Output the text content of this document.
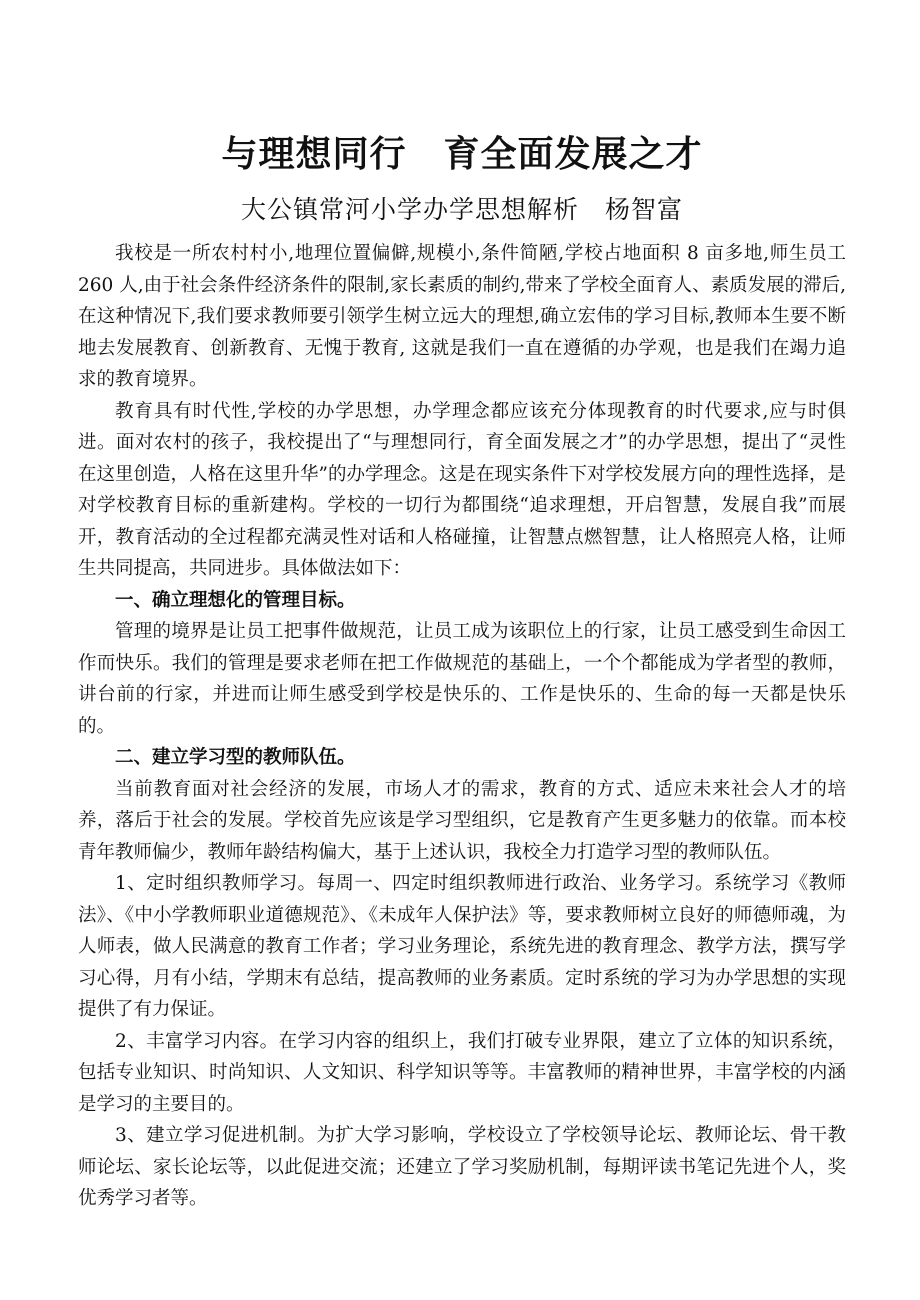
与理想同行　育全面发展之才
大公镇常河小学办学思想解析　杨智富

我校是一所农村村小,地理位置偏僻,规模小,条件简陋,学校占地面积 8 亩多地,师生员工 260 人,由于社会条件经济条件的限制,家长素质的制约,带来了学校全面育人、素质发展的滞后,在这种情况下,我们要求教师要引领学生树立远大的理想,确立宏伟的学习目标,教师本生要不断地去发展教育、创新教育、无愧于教育, 这就是我们一直在遵循的办学观，也是我们在竭力追求的教育境界。

教育具有时代性,学校的办学思想，办学理念都应该充分体现教育的时代要求,应与时俱进。面对农村的孩子，我校提出了“与理想同行，育全面发展之才”的办学思想，提出了“灵性在这里创造，人格在这里升华”的办学理念。这是在现实条件下对学校发展方向的理性选择，是对学校教育目标的重新建构。学校的一切行为都围绕“追求理想，开启智慧，发展自我”而展开，教育活动的全过程都充满灵性对话和人格碰撞，让智慧点燃智慧，让人格照亮人格，让师生共同提高，共同进步。具体做法如下：

一、确立理想化的管理目标。

管理的境界是让员工把事件做规范，让员工成为该职位上的行家，让员工感受到生命因工作而快乐。我们的管理是要求老师在把工作做规范的基础上，一个个都能成为学者型的教师，讲台前的行家，并进而让师生感受到学校是快乐的、工作是快乐的、生命的每一天都是快乐的。

二、建立学习型的教师队伍。

当前教育面对社会经济的发展，市场人才的需求，教育的方式、适应未来社会人才的培养，落后于社会的发展。学校首先应该是学习型组织，它是教育产生更多魅力的依靠。而本校青年教师偏少，教师年龄结构偏大，基于上述认识，我校全力打造学习型的教师队伍。

1、定时组织教师学习。每周一、四定时组织教师进行政治、业务学习。系统学习《教师法》、《中小学教师职业道德规范》、《未成年人保护法》等，要求教师树立良好的师德师魂，为人师表，做人民满意的教育工作者；学习业务理论，系统先进的教育理念、教学方法，撰写学习心得，月有小结，学期末有总结，提高教师的业务素质。定时系统的学习为办学思想的实现提供了有力保证。

2、丰富学习内容。在学习内容的组织上，我们打破专业界限，建立了立体的知识系统，包括专业知识、时尚知识、人文知识、科学知识等等。丰富教师的精神世界，丰富学校的内涵是学习的主要目的。

3、建立学习促进机制。为扩大学习影响，学校设立了学校领导论坛、教师论坛、骨干教师论坛、家长论坛等，以此促进交流；还建立了学习奖励机制，每期评读书笔记先进个人，奖优秀学习者等。
